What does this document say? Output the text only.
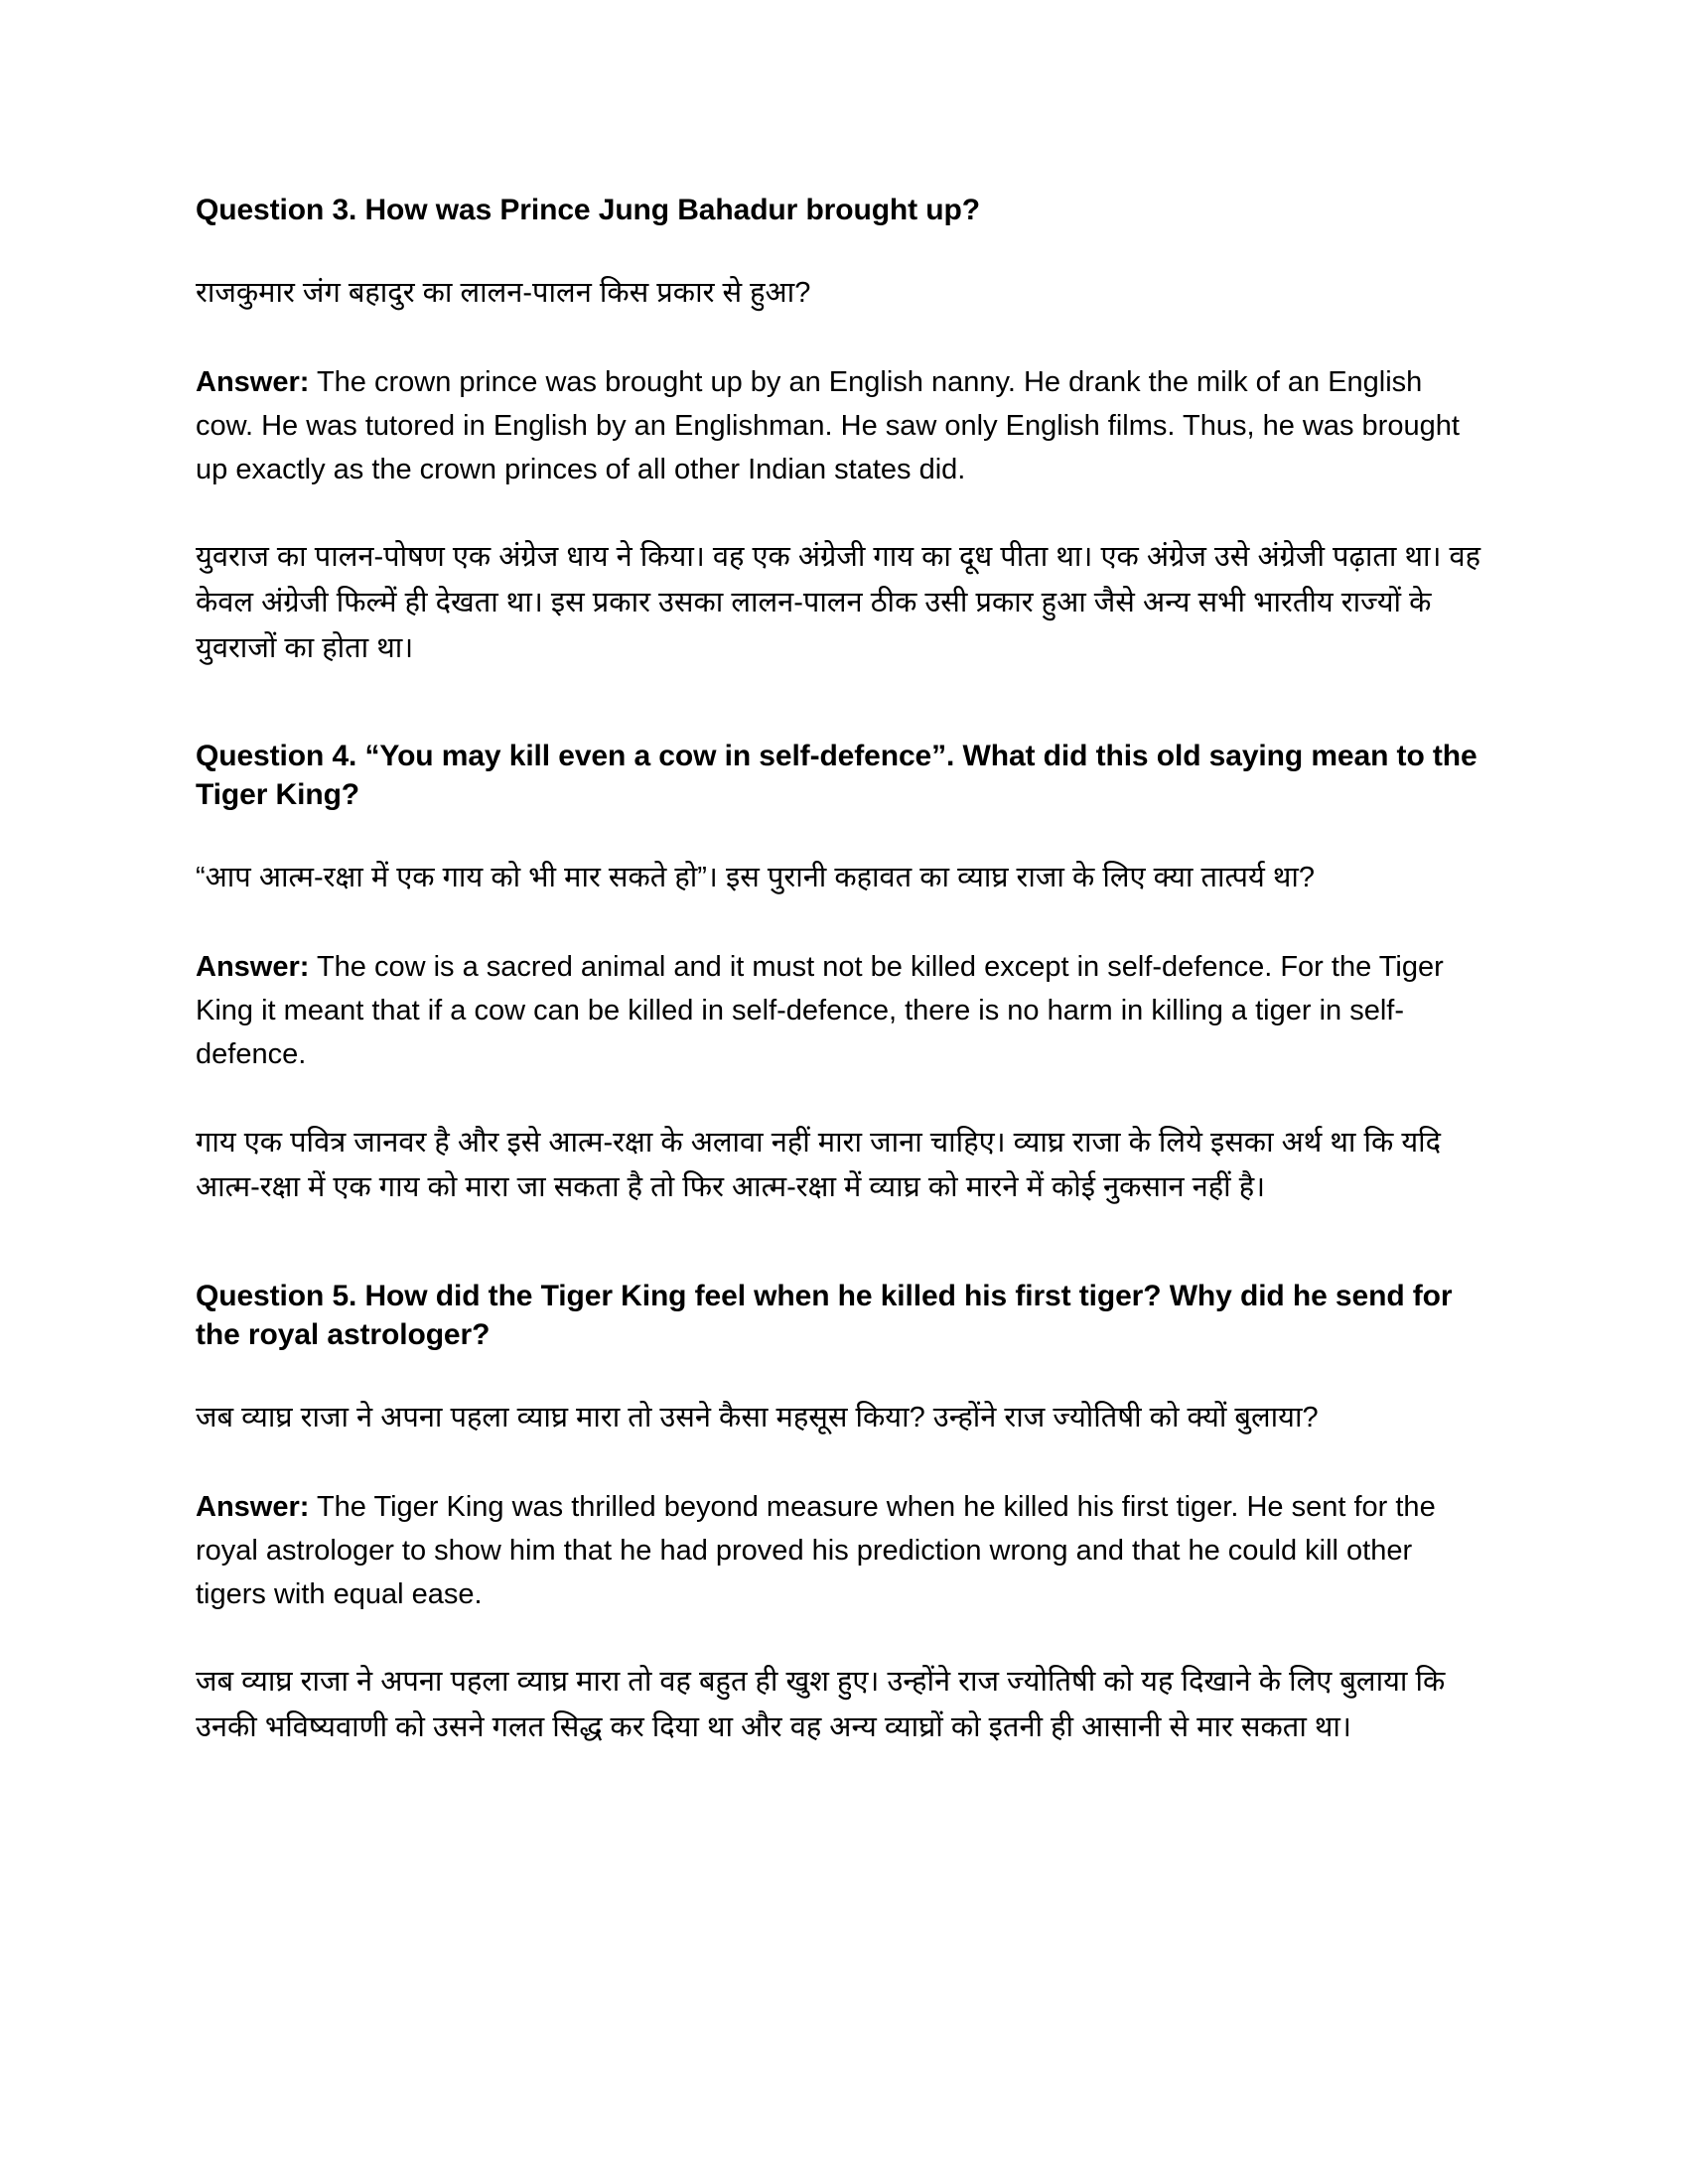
Question 3. How was Prince Jung Bahadur brought up?

राजकुमार जंग बहादुर का लालन-पालन किस प्रकार से हुआ?

Answer: The crown prince was brought up by an English nanny. He drank the milk of an English cow. He was tutored in English by an Englishman. He saw only English films. Thus, he was brought up exactly as the crown princes of all other Indian states did.

युवराज का पालन-पोषण एक अंग्रेज धाय ने किया। वह एक अंग्रेजी गाय का दूध पीता था। एक अंग्रेज उसे अंग्रेजी पढ़ाता था। वह केवल अंग्रेजी फिल्में ही देखता था। इस प्रकार उसका लालन-पालन ठीक उसी प्रकार हुआ जैसे अन्य सभी भारतीय राज्यों के युवराजों का होता था।

Question 4. “You may kill even a cow in self-defence”. What did this old saying mean to the Tiger King?

“आप आत्म-रक्षा में एक गाय को भी मार सकते हो”। इस पुरानी कहावत का व्याघ्र राजा के लिए क्या तात्पर्य था?

Answer: The cow is a sacred animal and it must not be killed except in self-defence. For the Tiger King it meant that if a cow can be killed in self-defence, there is no harm in killing a tiger in self-defence.

गाय एक पवित्र जानवर है और इसे आत्म-रक्षा के अलावा नहीं मारा जाना चाहिए। व्याघ्र राजा के लिये इसका अर्थ था कि यदि आत्म-रक्षा में एक गाय को मारा जा सकता है तो फिर आत्म-रक्षा में व्याघ्र को मारने में कोई नुकसान नहीं है।

Question 5. How did the Tiger King feel when he killed his first tiger? Why did he send for the royal astrologer?

जब व्याघ्र राजा ने अपना पहला व्याघ्र मारा तो उसने कैसा महसूस किया? उन्होंने राज ज्योतिषी को क्यों बुलाया?

Answer: The Tiger King was thrilled beyond measure when he killed his first tiger. He sent for the royal astrologer to show him that he had proved his prediction wrong and that he could kill other tigers with equal ease.

जब व्याघ्र राजा ने अपना पहला व्याघ्र मारा तो वह बहुत ही खुश हुए। उन्होंने राज ज्योतिषी को यह दिखाने के लिए बुलाया कि उनकी भविष्यवाणी को उसने गलत सिद्ध कर दिया था और वह अन्य व्याघ्रों को इतनी ही आसानी से मार सकता था।
